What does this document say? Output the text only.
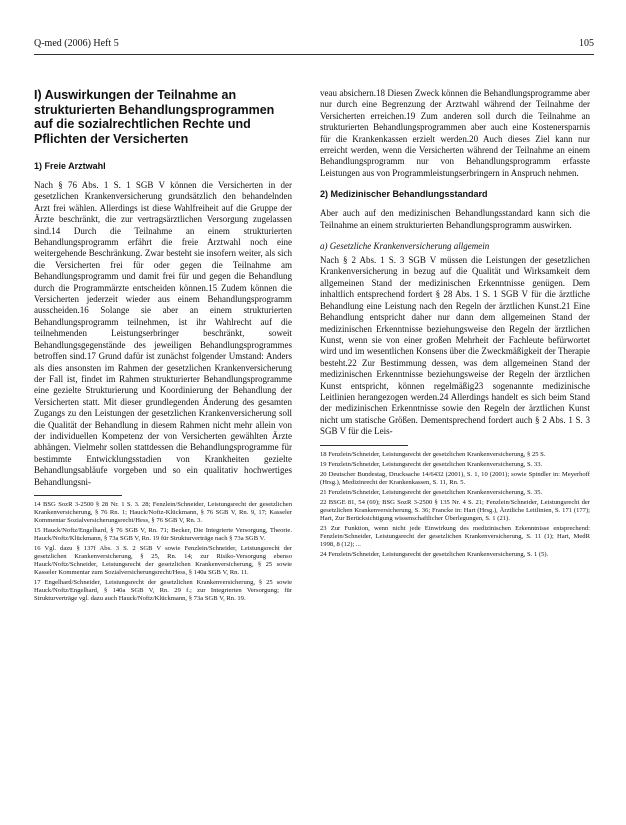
Q-med (2006) Heft 5	105
I) Auswirkungen der Teilnahme an strukturierten Behandlungsprogrammen auf die sozialrechtlichen Rechte und Pflichten der Versicherten
1) Freie Arztwahl

Nach § 76 Abs. 1 S. 1 SGB V können die Versicherten in der gesetzlichen Krankenversicherung grundsätzlich den behandelnden Arzt frei wählen. Allerdings ist diese Wahlfreiheit auf die Gruppe der Ärzte beschränkt, die zur vertragsärztlichen Versorgung zugelassen sind.14 Durch die Teilnahme an einem strukturierten Behandlungsprogramm erfährt die freie Arztwahl noch eine weitergehende Beschränkung. Zwar besteht sie insofern weiter, als sich die Versicherten frei für oder gegen die Teilnahme am Behandlungsprogramm und damit frei für und gegen die Behandlung durch die Programmärzte entscheiden können.15 Zudem können die Versicherten jederzeit wieder aus einem Behandlungsprogramm ausscheiden.16 Solange sie aber an einem strukturierten Behandlungsprogramm teilnehmen, ist ihr Wahlrecht auf die teilnehmenden Leistungserbringer beschränkt, soweit Behandlungsgegenstände des jeweiligen Behandlungsprogrammes betroffen sind.17 Grund dafür ist zunächst folgender Umstand: Anders als dies ansonsten im Rahmen der gesetzlichen Krankenversicherung der Fall ist, findet im Rahmen strukturierter Behandlungsprogramme eine gezielte Strukturierung und Koordinierung der Behandlung der Versicherten statt. Mit dieser grundlegenden Änderung des gesamten Zugangs zu den Leistungen der gesetzlichen Krankenversicherung soll die Qualität der Behandlung in diesem Rahmen nicht mehr allein von der individuellen Kompetenz der von Versicherten gewählten Ärzte abhängen. Vielmehr sollen stattdessen die Behandlungsprogramme für bestimmte Entwicklungsstadien von Krankheiten gezielte Behandlungsabläufe vorgeben und so ein qualitativ hochwertiges Behandlungsni-

14 BSG SozR 3-2500 § 28 Nr. 1 S. 3. 28; Fenzlein/Schneider, Leistungsrecht der gesetzlichen Krankenversicherung, § 76 Rn. 1; Hauck/Noftz-Klückmann, § 76 SGB V, Rn. 9, 17; Kasseler Kommentar Sozialversicherungsrecht/Hess, § 76 SGB V, Rn. 3.

15 Hauck/Noftz/Engelhard, § 76 SGB V, Rn. 71; Becker, Die Integrierte Versorgung, Theorie. Hauck/Noftz/Klückmann, § 73a SGB V, Rn. 19 für Strukturverträge nach § 73a SGB V.

16 Vgl. dazu § 137f Abs. 3 S. 2 SGB V sowie Fenzlein/Schneider, Leistungsrecht der gesetzlichen Krankenversicherung, § 25, Rn. 14; zur Risiko-Versorgung ebenso Hauck/Noftz/Schneider, Leistungsrecht der gesetzlichen Krankenversicherung, § 25 sowie Kasseler Kommentar zum Sozialversicherungsrecht/Hess, § 140a SGB V, Rn. 11.

17 Engelhard/Schneider, Leistungsrecht der gesetzlichen Krankenversicherung, § 25 sowie Hauck/Noftz/Engelhard, § 140a SGB V, Rn. 29 f.; zur Integrierten Versorgung; für Strukturverträge vgl. dazu auch Hauck/Noftz/Klückmann, § 73a SGB V, Rn. 19.

veau absichern.18 Diesen Zweck können die Behandlungsprogramme aber nur durch eine Begrenzung der Arztwahl während der Teilnahme der Versicherten erreichen.19 Zum anderen soll durch die Teilnahme an strukturierten Behandlungsprogrammen aber auch eine Kostenersparnis für die Krankenkassen erzielt werden.20 Auch dieses Ziel kann nur erreicht werden, wenn die Versicherten während der Teilnahme an einem Behandlungsprogramm nur von Behandlungsprogramm erfasste Leistungen aus von Programmleistungserbringern in Anspruch nehmen.

2) Medizinischer Behandlungsstandard

Aber auch auf den medizinischen Behandlungsstandard kann sich die Teilnahme an einem strukturierten Behandlungsprogramm auswirken.

a) Gesetzliche Krankenversicherung allgemein

Nach § 2 Abs. 1 S. 3 SGB V müssen die Leistungen der gesetzlichen Krankenversicherung in bezug auf die Qualität und Wirksamkeit dem allgemeinen Stand der medizinischen Erkenntnisse genügen. Dem inhaltlich entsprechend fordert § 28 Abs. 1 S. 1 SGB V für die ärztliche Behandlung eine Leistung nach den Regeln der ärztlichen Kunst.21 Eine Behandlung entspricht daher nur dann dem allgemeinen Stand der medizinischen Erkenntnisse beziehungsweise den Regeln der ärztlichen Kunst, wenn sie von einer großen Mehrheit der Fachleute befürwortet wird und im wesentlichen Konsens über die Zweckmäßigkeit der Therapie besteht.22 Zur Bestimmung dessen, was dem allgemeinen Stand der medizinischen Erkenntnisse beziehungsweise der Regeln der ärztlichen Kunst entspricht, können regelmäßig23 sogenannte medizinische Leitlinien herangezogen werden.24 Allerdings handelt es sich beim Stand der medizinischen Erkenntnisse sowie den Regeln der ärztlichen Kunst nicht um statische Größen. Dementsprechend fordert auch § 2 Abs. 1 S. 3 SGB V für die Leis-

18 Fenzlein/Schneider, Leistungsrecht der gesetzlichen Krankenversicherung, § 25 S.

19 Fenzlein/Schneider, Leistungsrecht der gesetzlichen Krankenversicherung, S. 33.

20 Deutscher Bundestag, Drucksache 14/6432 (2001), S. 1, 10 (2001); sowie Spindler in: Meyerhoff (Hrsg.), Medizinrecht der Krankenkassen, S. 11, Rn. 5.

21 Fenzlein/Schneider, Leistungsrecht der gesetzlichen Krankenversicherung, S. 35.

22 BSGE 81, 54 (69); BSG SozR 3-2500 § 135 Nr. 4 S. 21; Fenzlein/Schneider, Leistungsrecht der gesetzlichen Krankenversicherung, S. 36; Francke in: Hart (Hrsg.), Ärztliche Leitlinien, S. 171 (177); Hart, Zur Berücksichtigung wissenschaftlicher Überlegungen, S. 1 (21).

23 Zur Funktion, wenn nicht jede Einwirkung des medizinischen Erkenntnisse entsprechend: Fenzlein/Schneider, Leistungsrecht der gesetzlichen Krankenversicherung, S. 11 (1); Hart, MedR 1998, 8 (12); ...

24 Fenzlein/Schneider, Leistungsrecht der gesetzlichen Krankenversicherung, S. 1 (5).
